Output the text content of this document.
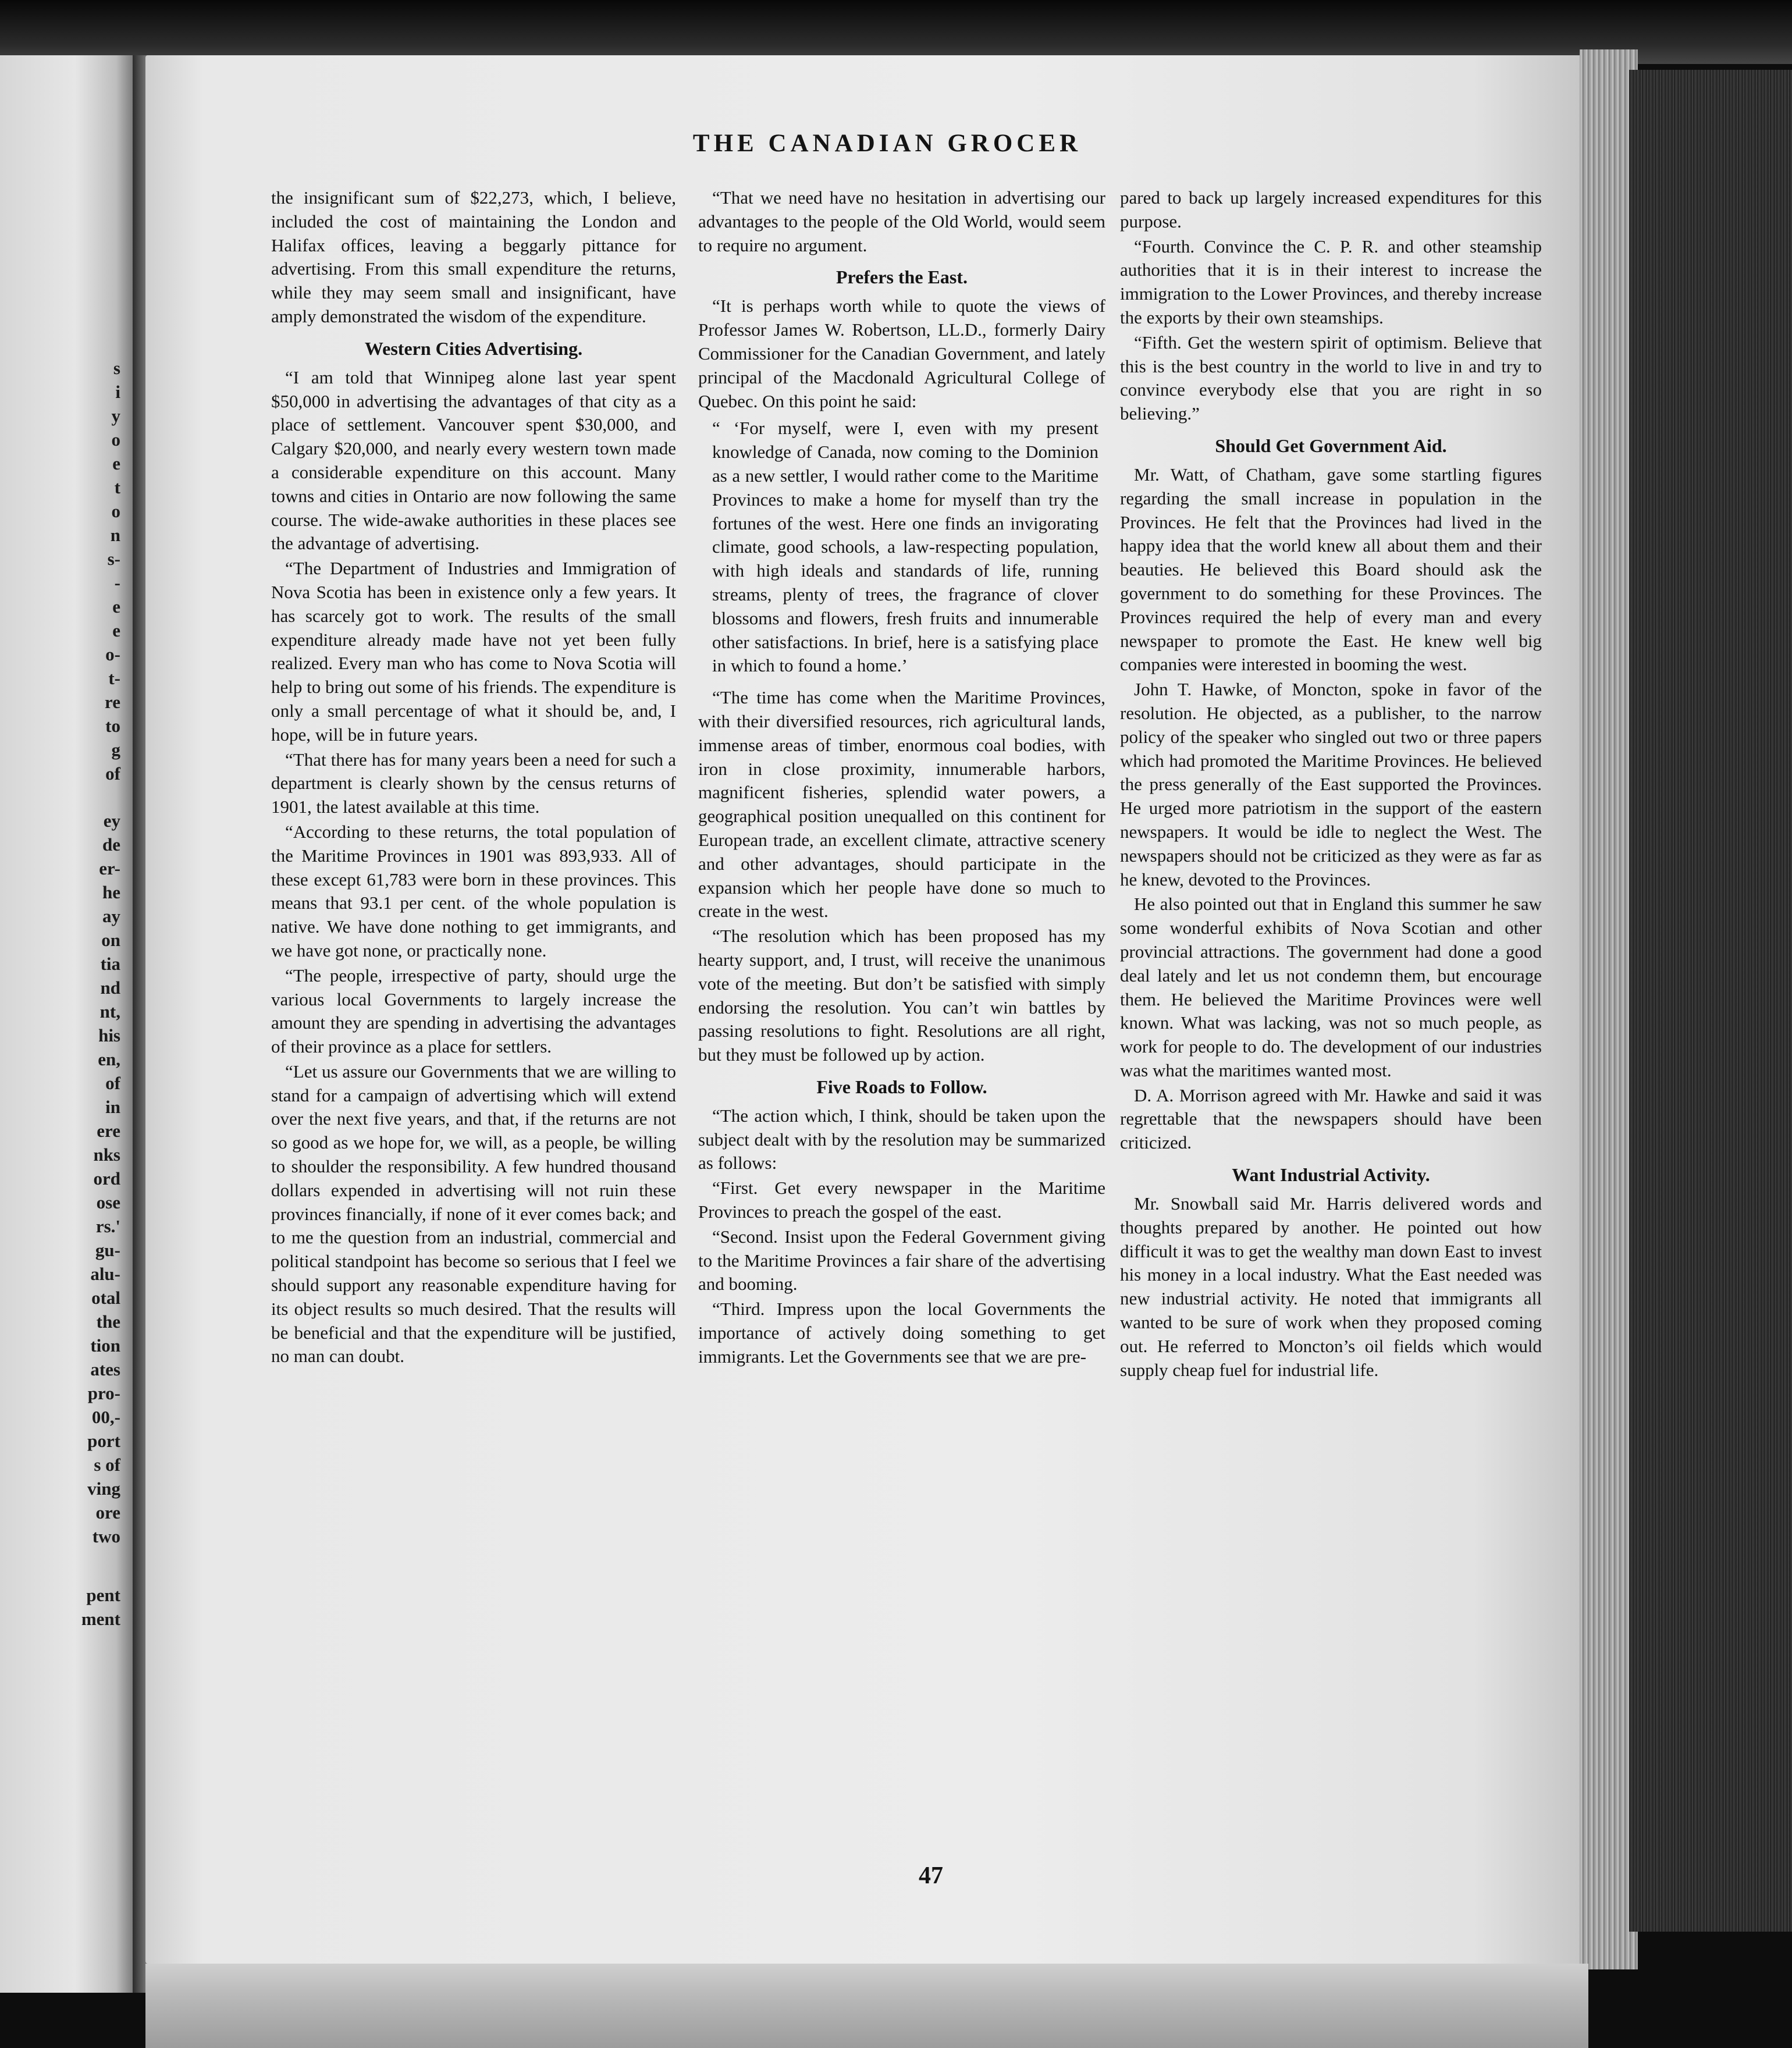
s
i
y
o
e
t
o
n
s-
-
e
e
o-
t-
re
to
g
of
ey
de
er-
he
ay
on
tia
nd
nt,
his
en,
of
in
ere
nks
ord
ose
rs.'
gu-
alu-
otal
the
tion
ates
pro-
00,-
port
s of
ving
ore
two
pent
ment
THE CANADIAN GROCER

the insignificant sum of $22,273, which, I believe, included the cost of maintaining the London and Halifax offices, leaving a beggarly pittance for advertising. From this small expenditure the returns, while they may seem small and insignificant, have amply demonstrated the wisdom of the expenditure.

Western Cities Advertising.

“I am told that Winnipeg alone last year spent $50,000 in advertising the advantages of that city as a place of settlement. Vancouver spent $30,000, and Calgary $20,000, and nearly every western town made a considerable expenditure on this account. Many towns and cities in Ontario are now following the same course. The wide-awake authorities in these places see the advantage of advertising.

“The Department of Industries and Immigration of Nova Scotia has been in existence only a few years. It has scarcely got to work. The results of the small expenditure already made have not yet been fully realized. Every man who has come to Nova Scotia will help to bring out some of his friends. The expenditure is only a small percentage of what it should be, and, I hope, will be in future years.

“That there has for many years been a need for such a department is clearly shown by the census returns of 1901, the latest available at this time.

“According to these returns, the total population of the Maritime Provinces in 1901 was 893,933. All of these except 61,783 were born in these provinces. This means that 93.1 per cent. of the whole population is native. We have done nothing to get immigrants, and we have got none, or practically none.

“The people, irrespective of party, should urge the various local Governments to largely increase the amount they are spending in advertising the advantages of their province as a place for settlers.

“Let us assure our Governments that we are willing to stand for a campaign of advertising which will extend over the next five years, and that, if the returns are not so good as we hope for, we will, as a people, be willing to shoulder the responsibility. A few hundred thousand dollars expended in advertising will not ruin these provinces financially, if none of it ever comes back; and to me the question from an industrial, commercial and political standpoint has become so serious that I feel we should support any reasonable expenditure having for its object results so much desired. That the results will be beneficial and that the expenditure will be justified, no man can doubt.

“That we need have no hesitation in advertising our advantages to the people of the Old World, would seem to require no argument.

Prefers the East.

“It is perhaps worth while to quote the views of Professor James W. Robertson, LL.D., formerly Dairy Commissioner for the Canadian Government, and lately principal of the Macdonald Agricultural College of Quebec. On this point he said:

“ ‘For myself, were I, even with my present knowledge of Canada, now coming to the Dominion as a new settler, I would rather come to the Maritime Provinces to make a home for myself than try the fortunes of the west. Here one finds an invigorating climate, good schools, a law-respecting population, with high ideals and standards of life, running streams, plenty of trees, the fragrance of clover blossoms and flowers, fresh fruits and innumerable other satisfactions. In brief, here is a satisfying place in which to found a home.’

“The time has come when the Maritime Provinces, with their diversified resources, rich agricultural lands, immense areas of timber, enormous coal bodies, with iron in close proximity, innumerable harbors, magnificent fisheries, splendid water powers, a geographical position unequalled on this continent for European trade, an excellent climate, attractive scenery and other advantages, should participate in the expansion which her people have done so much to create in the west.

“The resolution which has been proposed has my hearty support, and, I trust, will receive the unanimous vote of the meeting. But don’t be satisfied with simply endorsing the resolution. You can’t win battles by passing resolutions to fight. Resolutions are all right, but they must be followed up by action.

Five Roads to Follow.

“The action which, I think, should be taken upon the subject dealt with by the resolution may be summarized as follows:

“First. Get every newspaper in the Maritime Provinces to preach the gospel of the east.

“Second. Insist upon the Federal Government giving to the Maritime Provinces a fair share of the advertising and booming.

“Third. Impress upon the local Governments the importance of actively doing something to get immigrants. Let the Governments see that we are pre-

pared to back up largely increased expenditures for this purpose.

“Fourth. Convince the C. P. R. and other steamship authorities that it is in their interest to increase the immigration to the Lower Provinces, and thereby increase the exports by their own steamships.

“Fifth. Get the western spirit of optimism. Believe that this is the best country in the world to live in and try to convince everybody else that you are right in so believing.”

Should Get Government Aid.

Mr. Watt, of Chatham, gave some startling figures regarding the small increase in population in the Provinces. He felt that the Provinces had lived in the happy idea that the world knew all about them and their beauties. He believed this Board should ask the government to do something for these Provinces. The Provinces required the help of every man and every newspaper to promote the East. He knew well big companies were interested in booming the west.

John T. Hawke, of Moncton, spoke in favor of the resolution. He objected, as a publisher, to the narrow policy of the speaker who singled out two or three papers which had promoted the Maritime Provinces. He believed the press generally of the East supported the Provinces. He urged more patriotism in the support of the eastern newspapers. It would be idle to neglect the West. The newspapers should not be criticized as they were as far as he knew, devoted to the Provinces.

He also pointed out that in England this summer he saw some wonderful exhibits of Nova Scotian and other provincial attractions. The government had done a good deal lately and let us not condemn them, but encourage them. He believed the Maritime Provinces were well known. What was lacking, was not so much people, as work for people to do. The development of our industries was what the maritimes wanted most.

D. A. Morrison agreed with Mr. Hawke and said it was regrettable that the newspapers should have been criticized.

Want Industrial Activity.

Mr. Snowball said Mr. Harris delivered words and thoughts prepared by another. He pointed out how difficult it was to get the wealthy man down East to invest his money in a local industry. What the East needed was new industrial activity. He noted that immigrants all wanted to be sure of work when they proposed coming out. He referred to Moncton’s oil fields which would supply cheap fuel for industrial life.

47
